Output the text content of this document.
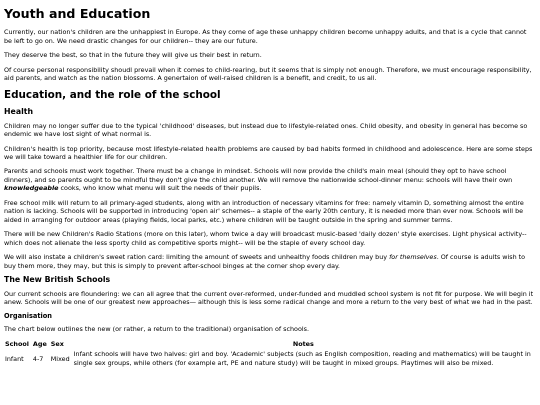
Youth and Education

Currently, our nation's children are the unhappiest in Europe. As they come of age these unhappy children become unhappy adults, and that is a cycle that cannot be left to go on. We need drastic changes for our children-- they are our future.

They deserve the best, so that in the future they will give us their best in return.

Of course personal responsibility shoudl prevail when it comes to child-rearing, but it seems that is simply not enough. Therefore, we must encourage responsibility, aid parents, and watch as the nation blossoms. A genertaion of well-raised children is a benefit, and credit, to us all.

Education, and the role of the school
Health

Children may no longer suffer due to the typical 'childhood' diseases, but instead due to lifestyle-related ones. Child obesity, and obesity in general has become so endemic we have lost sight of what normal is.

Children's health is top priority, because most lifestyle-related health problems are caused by bad habits formed in childhood and adolescence. Here are some steps we will take toward a healthier life for our children.

Parents and schools must work together. There must be a change in mindset. Schools will now provide the child's main meal (should they opt to have school dinners), and so parents ought to be mindful they don't give the child another. We will remove the nationwide school-dinner menu: schools will have their own knowledgeable cooks, who know what menu will suit the needs of their pupils.

Free school milk will return to all primary-aged students, along with an introduction of necessary vitamins for free: namely vitamin D, something almost the entire nation is lacking. Schools will be supported in introducing 'open air' schemes-- a staple of the early 20th century, it is needed more than ever now. Schools will be aided in arranging for outdoor areas (playing fields, local parks, etc.) where children will be taught outside in the spring and summer terms.

There will be new Children's Radio Stations (more on this later), whom twice a day will broadcast music-based 'daily dozen' style exercises. Light physical activity-- which does not alienate the less sporty child as competitive sports might-- will be the staple of every school day.

We will also instate a children's sweet ration card: limiting the amount of sweets and unhealthy foods children may buy for themselves. Of course is adults wish to buy them more, they may, but this is simply to prevent after-school binges at the corner shop every day.

The New British Schools

Our current schools are floundering: we can all agree that the current over-reformed, under-funded and muddled school system is not fit for purpose. We will begin it anew. Schools will be one of our greatest new approaches— although this is less some radical change and more a return to the very best of what we had in the past.

Organisation

The chart below outlines the new (or rather, a return to the traditional) organisation of schools.

School	Age	Sex	Notes
Infant	4-7	Mixed	Infant schools will have two halves: girl and boy. 'Academic' subjects (such as English composition, reading and mathematics) will be taught in single sex groups, while others (for example art, PE and nature study) will be taught in mixed groups. Playtimes will also be mixed.
